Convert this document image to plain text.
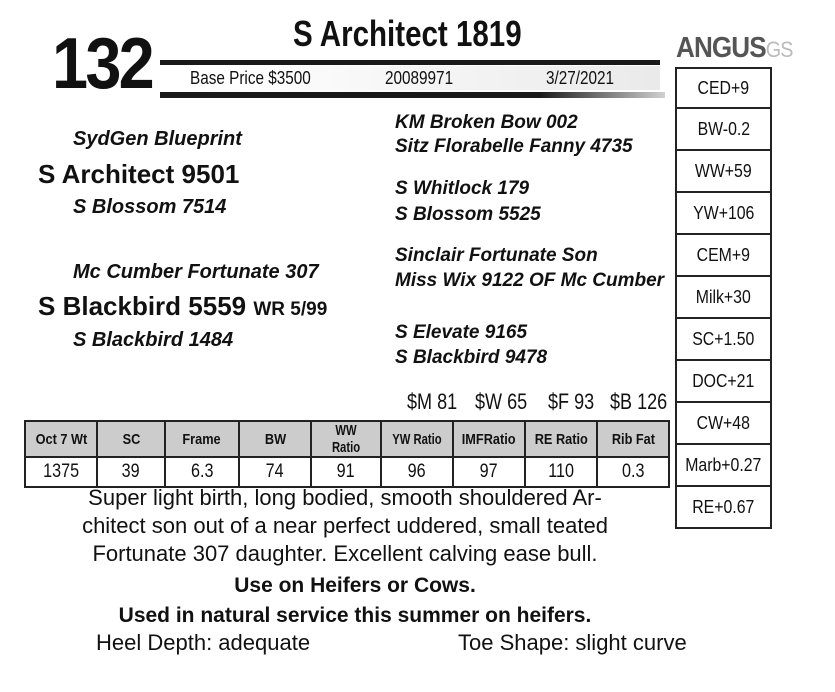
132	S Architect 1819
Base Price $3500	20089971	3/27/2021
ANGUSGS
CED+9
BW-0.2
WW+59
YW+106
CEM+9
Milk+30
SC+1.50
DOC+21
CW+48
Marb+0.27
RE+0.67
SydGen Blueprint
S Architect 9501
S Blossom 7514
Mc Cumber Fortunate 307
S Blackbird 5559 WR 5/99
S Blackbird 1484
KM Broken Bow 002
Sitz Florabelle Fanny 4735
S Whitlock 179
S Blossom 5525
Sinclair Fortunate Son
Miss Wix 9122 OF Mc Cumber
S Elevate 9165
S Blackbird 9478
$M 81 $W 65 $F 93 $B 126
Oct 7 Wt	SC	Frame	BW	WW Ratio	YW Ratio	IMFRatio	RE Ratio	Rib Fat
1375	39	6.3	74	91	96	97	110	0.3
Super light birth, long bodied, smooth shouldered Ar-
chitect son out of a near perfect uddered, small teated
Fortunate 307 daughter. Excellent calving ease bull.
Use on Heifers or Cows.
Used in natural service this summer on heifers.
Heel Depth: adequate	Toe Shape: slight curve
